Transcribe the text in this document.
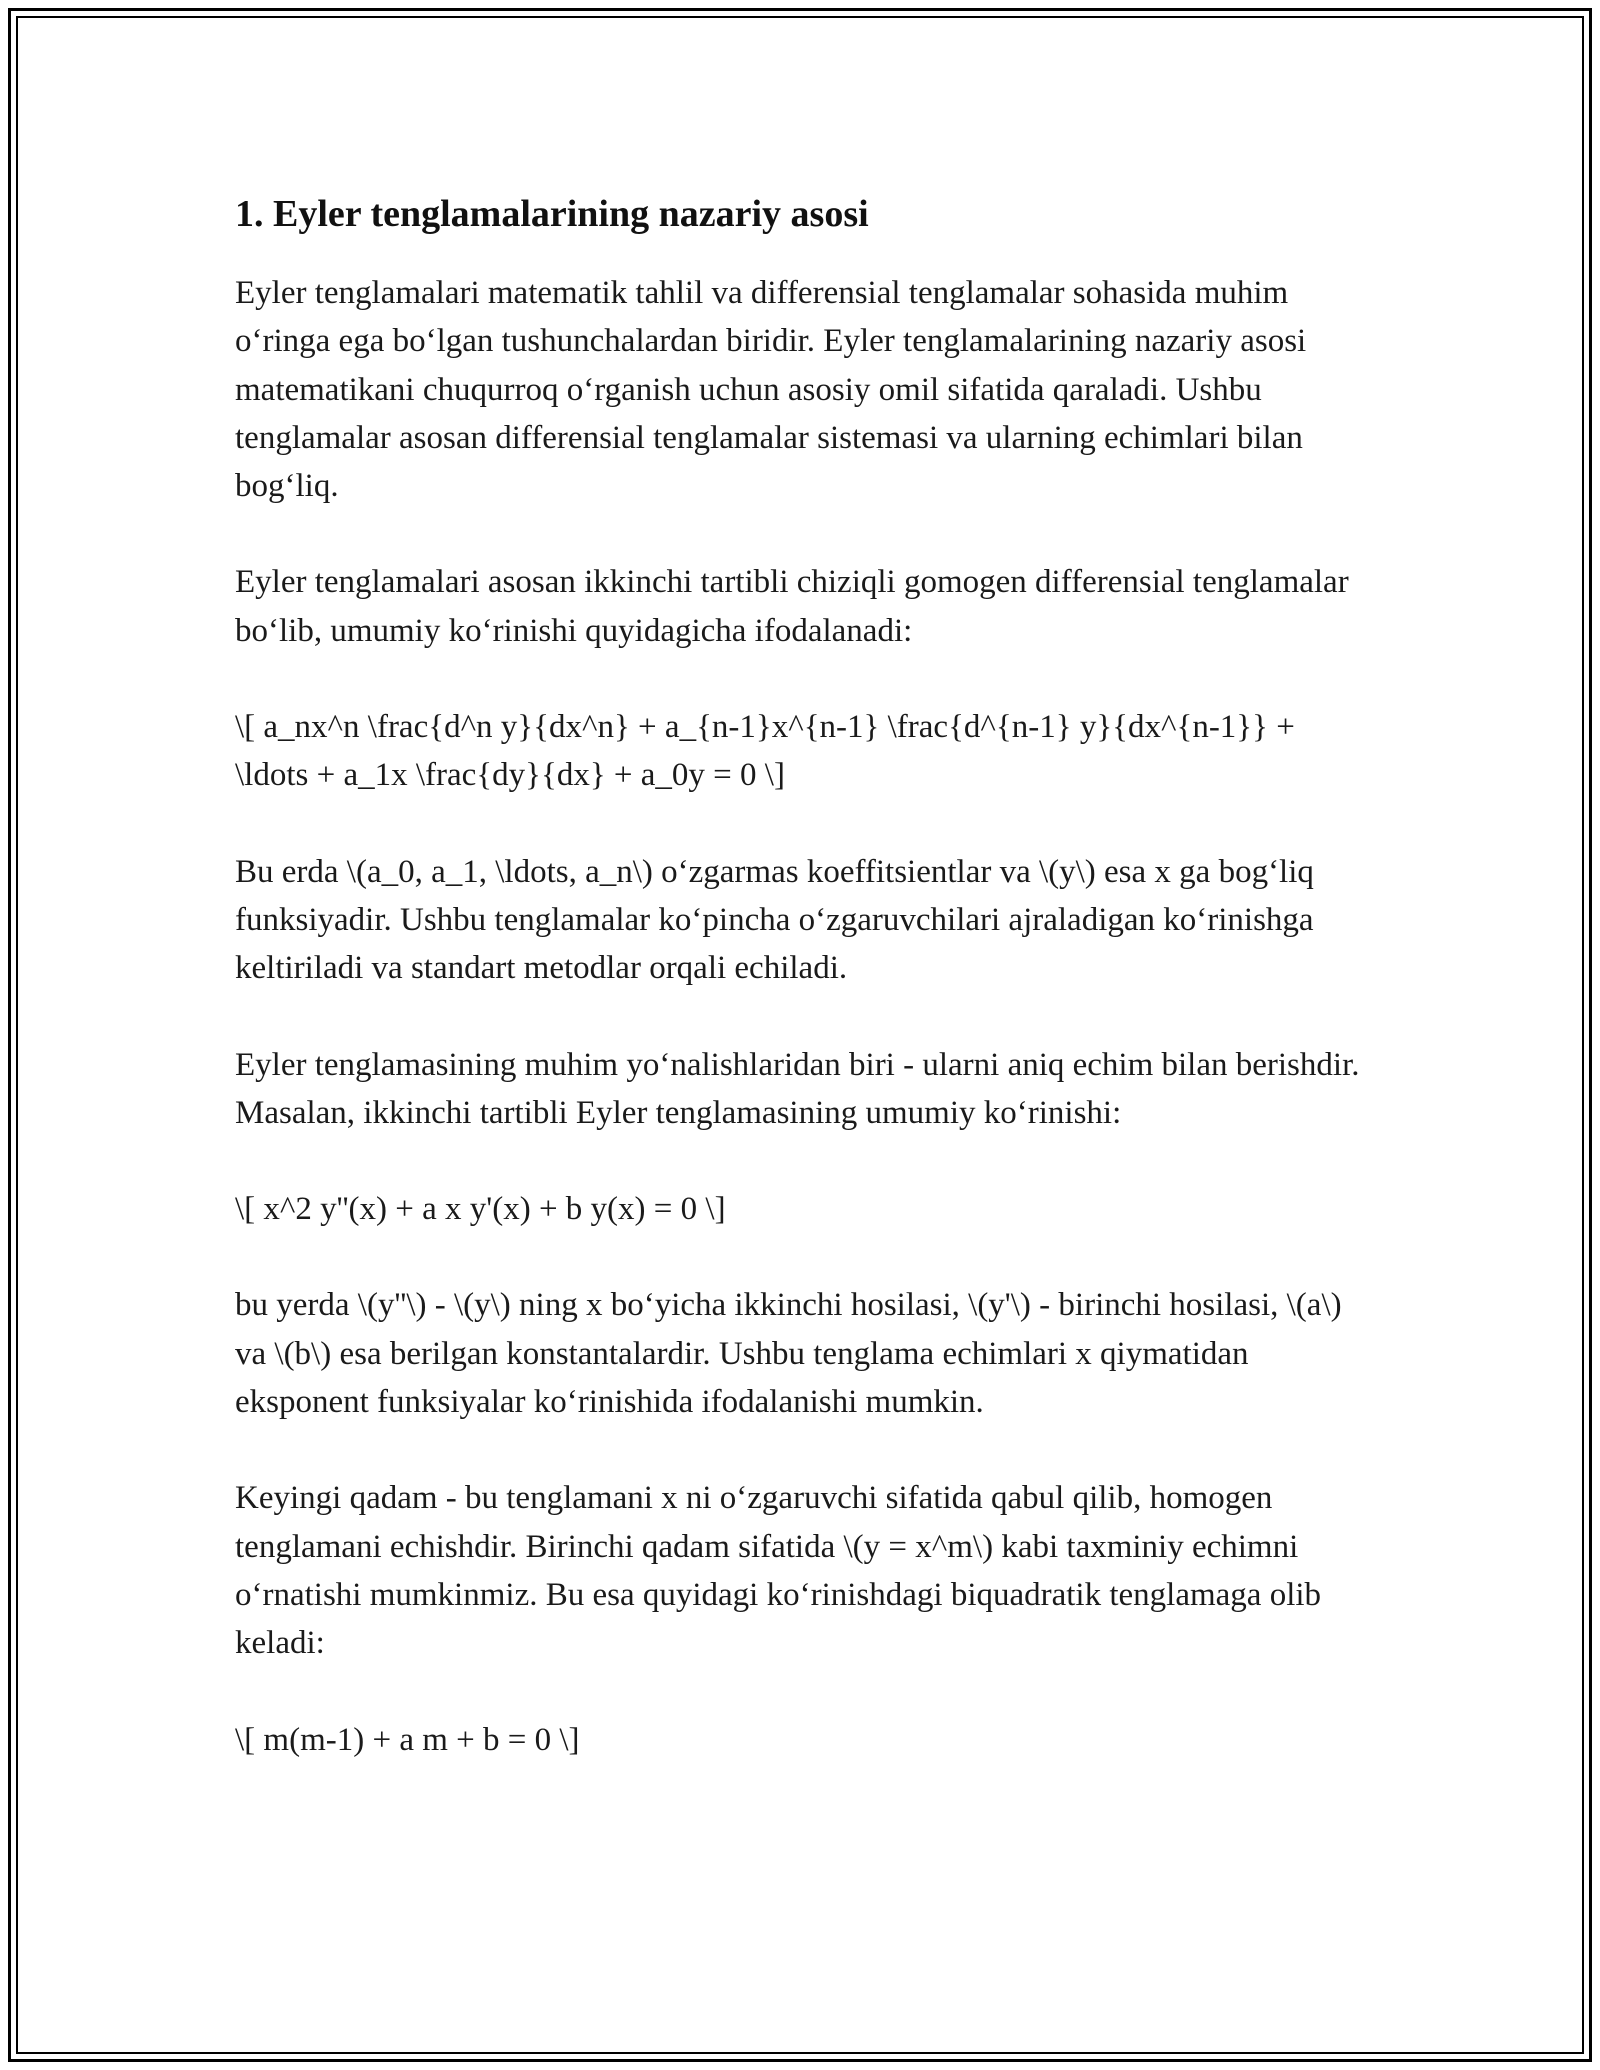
1. Eyler tenglamalarining nazariy asosi

Eyler tenglamalari matematik tahlil va differensial tenglamalar sohasida muhim o‘ringa ega bo‘lgan tushunchalardan biridir. Eyler tenglamalarining nazariy asosi matematikani chuqurroq o‘rganish uchun asosiy omil sifatida qaraladi. Ushbu tenglamalar asosan differensial tenglamalar sistemasi va ularning echimlari bilan bog‘liq.

Eyler tenglamalari asosan ikkinchi tartibli chiziqli gomogen differensial tenglamalar bo‘lib, umumiy ko‘rinishi quyidagicha ifodalanadi:

\[ a_nx^n \frac{d^n y}{dx^n} + a_{n-1}x^{n-1} \frac{d^{n-1} y}{dx^{n-1}} + \ldots + a_1x \frac{dy}{dx} + a_0y = 0 \]

Bu erda \(a_0, a_1, \ldots, a_n\) o‘zgarmas koeffitsientlar va \(y\) esa x ga bog‘liq funksiyadir. Ushbu tenglamalar ko‘pincha o‘zgaruvchilari ajraladigan ko‘rinishga keltiriladi va standart metodlar orqali echiladi.

Eyler tenglamasining muhim yo‘nalishlaridan biri - ularni aniq echim bilan berishdir. Masalan, ikkinchi tartibli Eyler tenglamasining umumiy ko‘rinishi:

\[ x^2 y''(x) + a x y'(x) + b y(x) = 0 \]

bu yerda \(y''\) - \(y\) ning x bo‘yicha ikkinchi hosilasi, \(y'\) - birinchi hosilasi, \(a\) va \(b\) esa berilgan konstantalardir. Ushbu tenglama echimlari x qiymatidan eksponent funksiyalar ko‘rinishida ifodalanishi mumkin.

Keyingi qadam - bu tenglamani x ni o‘zgaruvchi sifatida qabul qilib, homogen tenglamani echishdir. Birinchi qadam sifatida \(y = x^m\) kabi taxminiy echimni o‘rnatishi mumkinmiz. Bu esa quyidagi ko‘rinishdagi biquadratik tenglamaga olib keladi:

\[ m(m-1) + a m + b = 0 \]
